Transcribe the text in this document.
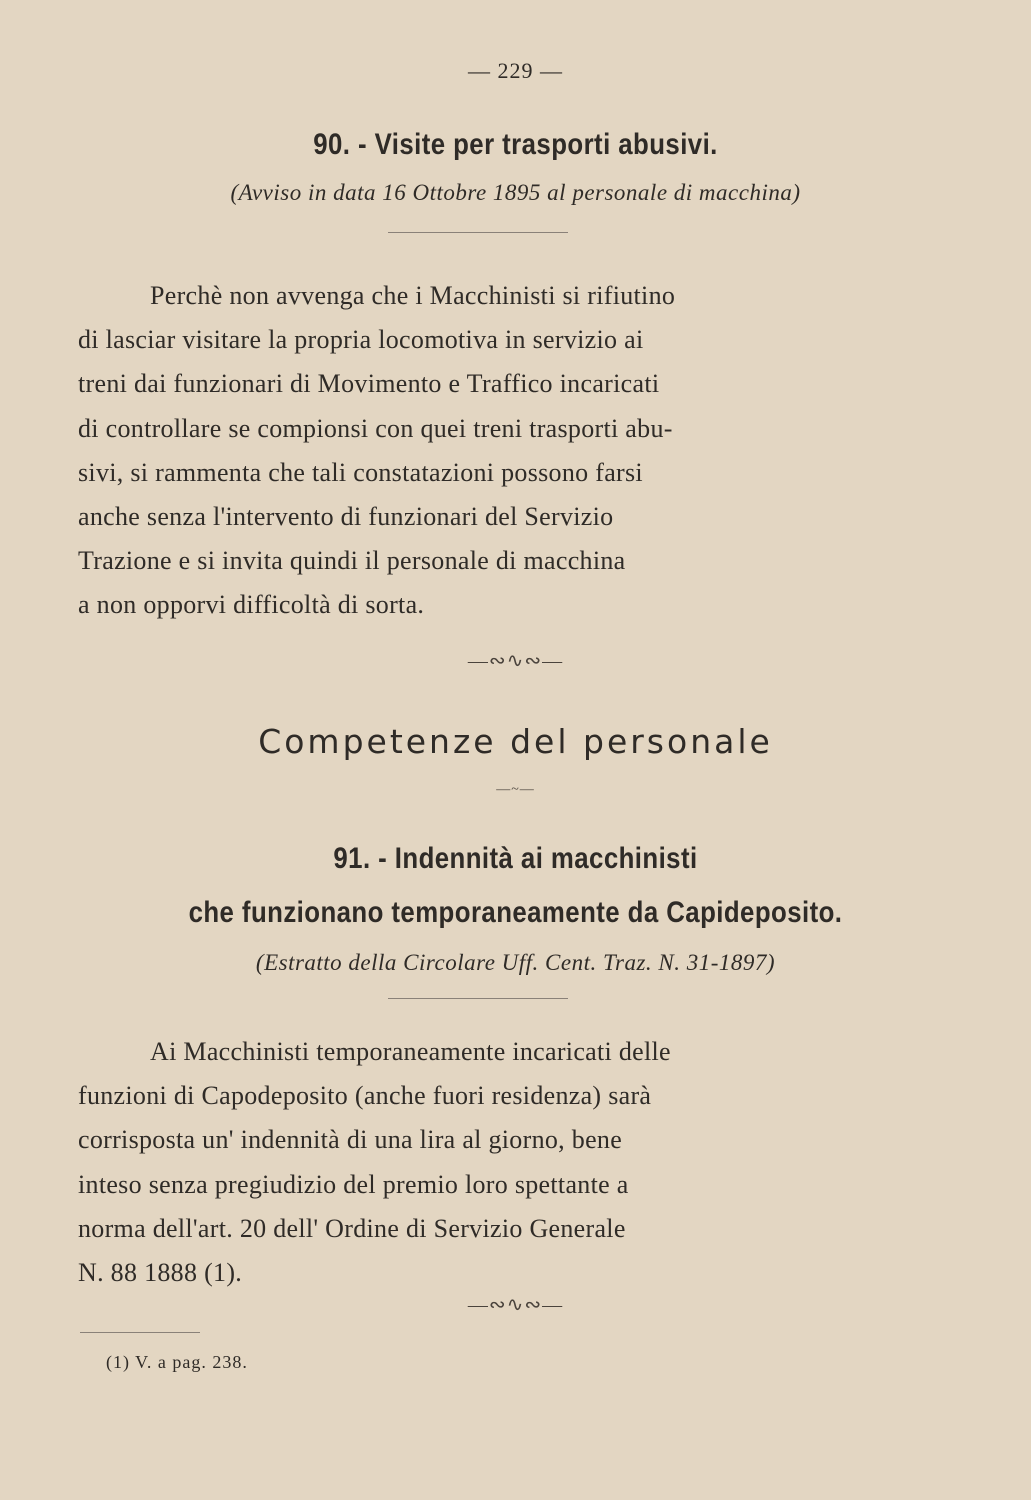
— 229 —
90. - Visite per trasporti abusivi.
(Avviso in data 16 Ottobre 1895 al personale di macchina)
Perchè non avvenga che i Macchinisti si rifiutino
di lasciar visitare la propria locomotiva in servizio ai
treni dai funzionari di Movimento e Traffico incaricati
di controllare se compionsi con quei treni trasporti abu-
sivi, si rammenta che tali constatazioni possono farsi
anche senza l'intervento di funzionari del Servizio
Trazione e si invita quindi il personale di macchina
a non opporvi difficoltà di sorta.
—∾∿∾—
Competenze del personale
—~—
91. - Indennità ai macchinisti
che funzionano temporaneamente da Capideposito.
(Estratto della Circolare Uff. Cent. Traz. N. 31-1897)
Ai Macchinisti temporaneamente incaricati delle
funzioni di Capodeposito (anche fuori residenza) sarà
corrisposta un' indennità di una lira al giorno, bene
inteso senza pregiudizio del premio loro spettante a
norma dell'art. 20 dell' Ordine di Servizio Generale
N. 88 1888 (1).
—∾∿∾—
(1) V. a pag. 238.
